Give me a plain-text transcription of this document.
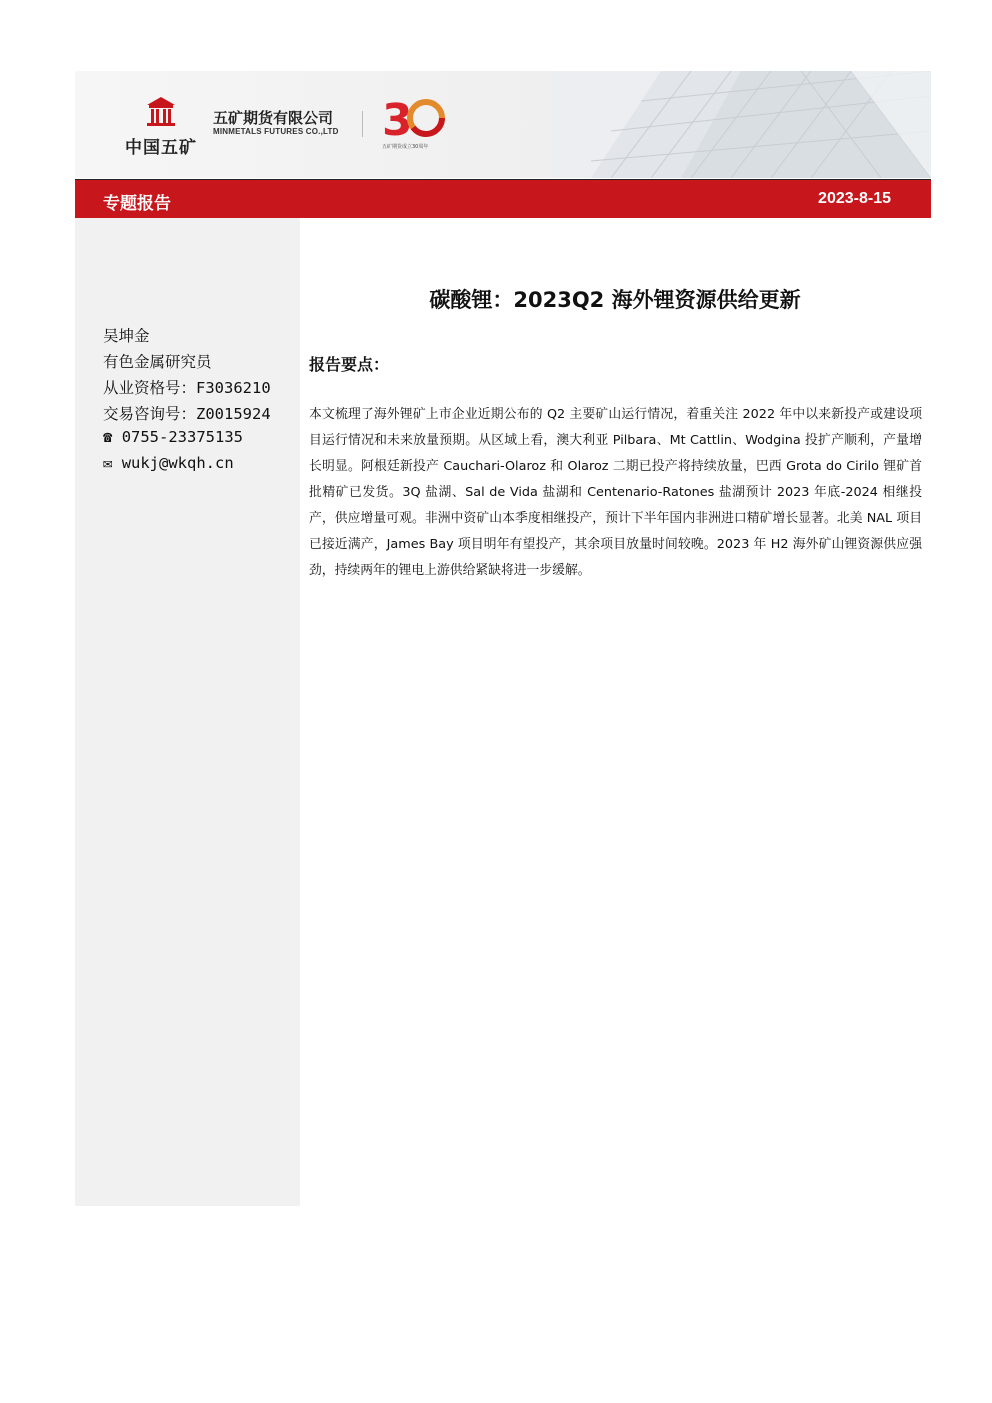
中国五矿
五矿期货有限公司
MINMETALS FUTURES CO.,LTD 3
五矿期货成立30周年
专题报告	2023-8-15
吴坤金
有色金属研究员
从业资格号：F3036210
交易咨询号：Z0015924
☎ 0755-23375135
✉ wukj@wkqh.cn
碳酸锂：2023Q2 海外锂资源供给更新
报告要点：
本文梳理了海外锂矿上市企业近期公布的 Q2 主要矿山运行情况，着重关注 2022 年中以来新投产或建设项目运行情况和未来放量预期。从区域上看，澳大利亚 Pilbara、Mt Cattlin、Wodgina 投扩产顺利，产量增长明显。阿根廷新投产 Cauchari-Olaroz 和 Olaroz 二期已投产将持续放量，巴西 Grota do Cirilo 锂矿首批精矿已发货。3Q 盐湖、Sal de Vida 盐湖和 Centenario-Ratones 盐湖预计 2023 年底-2024 相继投产，供应增量可观。非洲中资矿山本季度相继投产，预计下半年国内非洲进口精矿增长显著。北美 NAL 项目已接近满产，James Bay 项目明年有望投产，其余项目放量时间较晚。2023 年 H2 海外矿山锂资源供应强劲，持续两年的锂电上游供给紧缺将进一步缓解。
